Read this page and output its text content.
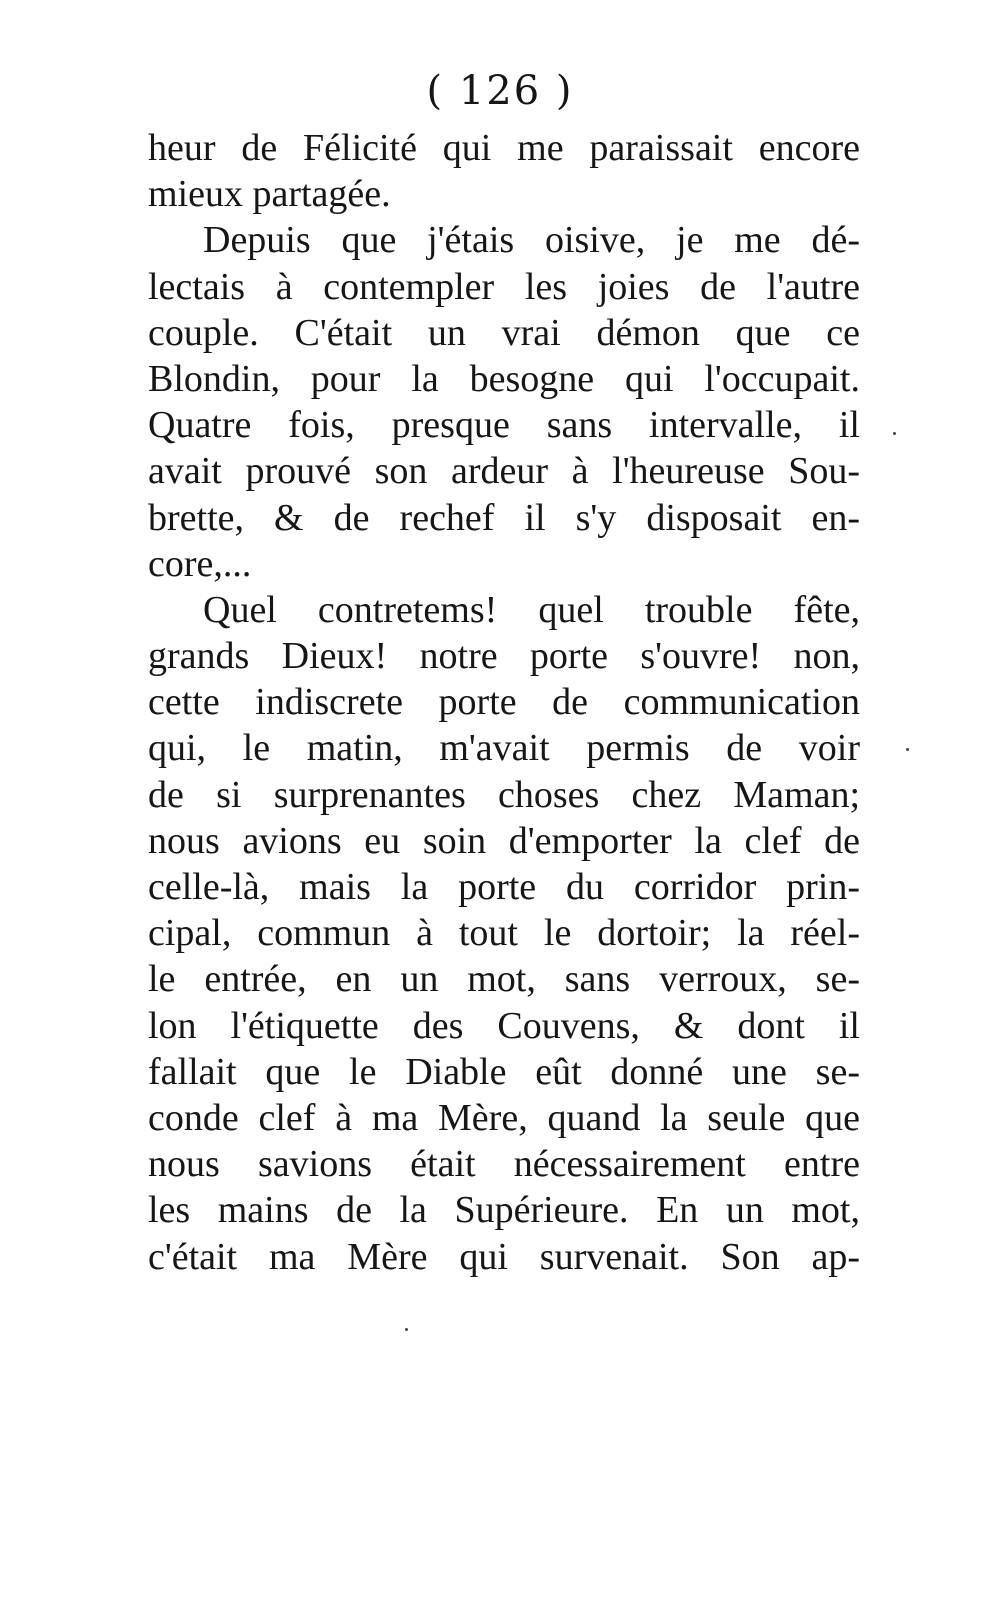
( 126 )
heur de Félicité qui me paraissait encore
mieux partagée.
Depuis que j'étais oisive, je me dé-
lectais à contempler les joies de l'autre
couple. C'était un vrai démon que ce
Blondin, pour la besogne qui l'occupait.
Quatre fois, presque sans intervalle, il
avait prouvé son ardeur à l'heureuse Sou-
brette, & de rechef il s'y disposait en-
core,...
Quel contretems! quel trouble fête,
grands Dieux! notre porte s'ouvre! non,
cette indiscrete porte de communication
qui, le matin, m'avait permis de voir
de si surprenantes choses chez Maman;
nous avions eu soin d'emporter la clef de
celle-là, mais la porte du corridor prin-
cipal, commun à tout le dortoir; la réel-
le entrée, en un mot, sans verroux, se-
lon l'étiquette des Couvens, & dont il
fallait que le Diable eût donné une se-
conde clef à ma Mère, quand la seule que
nous savions était nécessairement entre
les mains de la Supérieure. En un mot,
c'était ma Mère qui survenait. Son ap-
